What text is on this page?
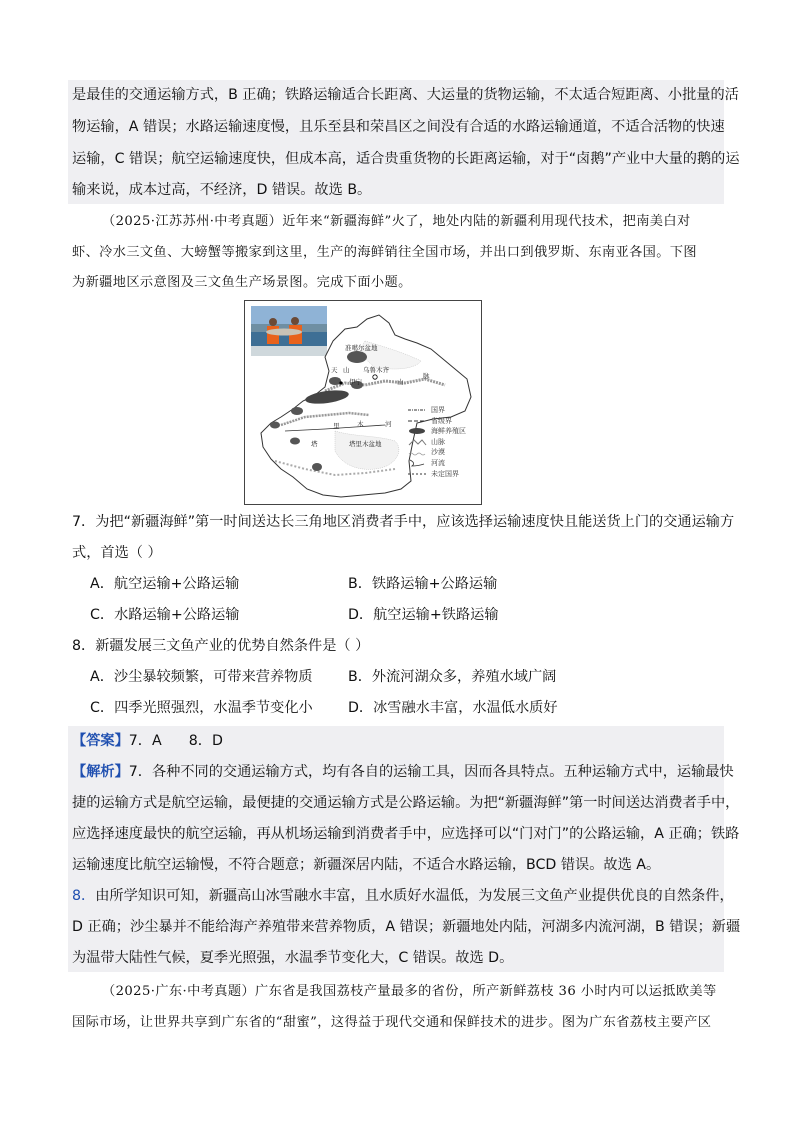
是最佳的交通运输方式，B 正确；铁路运输适合长距离、大运量的货物运输，不太适合短距离、小批量的活
物运输，A 错误；水路运输速度慢，且乐至县和荣昌区之间没有合适的水路运输通道，不适合活物的快速
运输，C 错误；航空运输速度快，但成本高，适合贵重货物的长距离运输，对于“卤鹅”产业中大量的鹅的运
输来说，成本过高，不经济，D 错误。故选 B。
（2025·江苏苏州·中考真题）近年来“新疆海鲜”火了，地处内陆的新疆利用现代技术，把南美白对
虾、冷水三文鱼、大螃蟹等搬家到这里，生产的海鲜销往全国市场，并出口到俄罗斯、东南亚各国。下图
为新疆地区示意图及三文鱼生产场景图。完成下面小题。
准噶尔盆地
乌鲁木齐
伊宁
天 山
山
脉
塔
里	木	河
塔里木盆地
国界
省级界
海鲜养殖区
山脉
沙漠
河流
未定国界
7．为把“新疆海鲜”第一时间送达长三角地区消费者手中，应该选择运输速度快且能送货上门的交通运输方
式，首选（ ）
A．航空运输+公路运输	B．铁路运输+公路运输
C．水路运输+公路运输	D．航空运输+铁路运输
8．新疆发展三文鱼产业的优势自然条件是（ ）
A．沙尘暴较频繁，可带来营养物质 B．外流河湖众多，养殖水域广阔
C．四季光照强烈，水温季节变化小 D．冰雪融水丰富，水温低水质好
【答案】7．A      8．D
【解析】7．各种不同的交通运输方式，均有各自的运输工具，因而各具特点。五种运输方式中，运输最快
捷的运输方式是航空运输，最便捷的交通运输方式是公路运输。为把“新疆海鲜”第一时间送达消费者手中，
应选择速度最快的航空运输，再从机场运输到消费者手中，应选择可以“门对门”的公路运输，A 正确；铁路
运输速度比航空运输慢，不符合题意；新疆深居内陆，不适合水路运输，BCD 错误。故选 A。
8．由所学知识可知，新疆高山冰雪融水丰富，且水质好水温低，为发展三文鱼产业提供优良的自然条件，
D 正确；沙尘暴并不能给海产养殖带来营养物质，A 错误；新疆地处内陆，河湖多内流河湖，B 错误；新疆
为温带大陆性气候，夏季光照强，水温季节变化大，C 错误。故选 D。
（2025·广东·中考真题）广东省是我国荔枝产量最多的省份，所产新鲜荔枝 36 小时内可以运抵欧美等
国际市场，让世界共享到广东省的“甜蜜”，这得益于现代交通和保鲜技术的进步。图为广东省荔枝主要产区
